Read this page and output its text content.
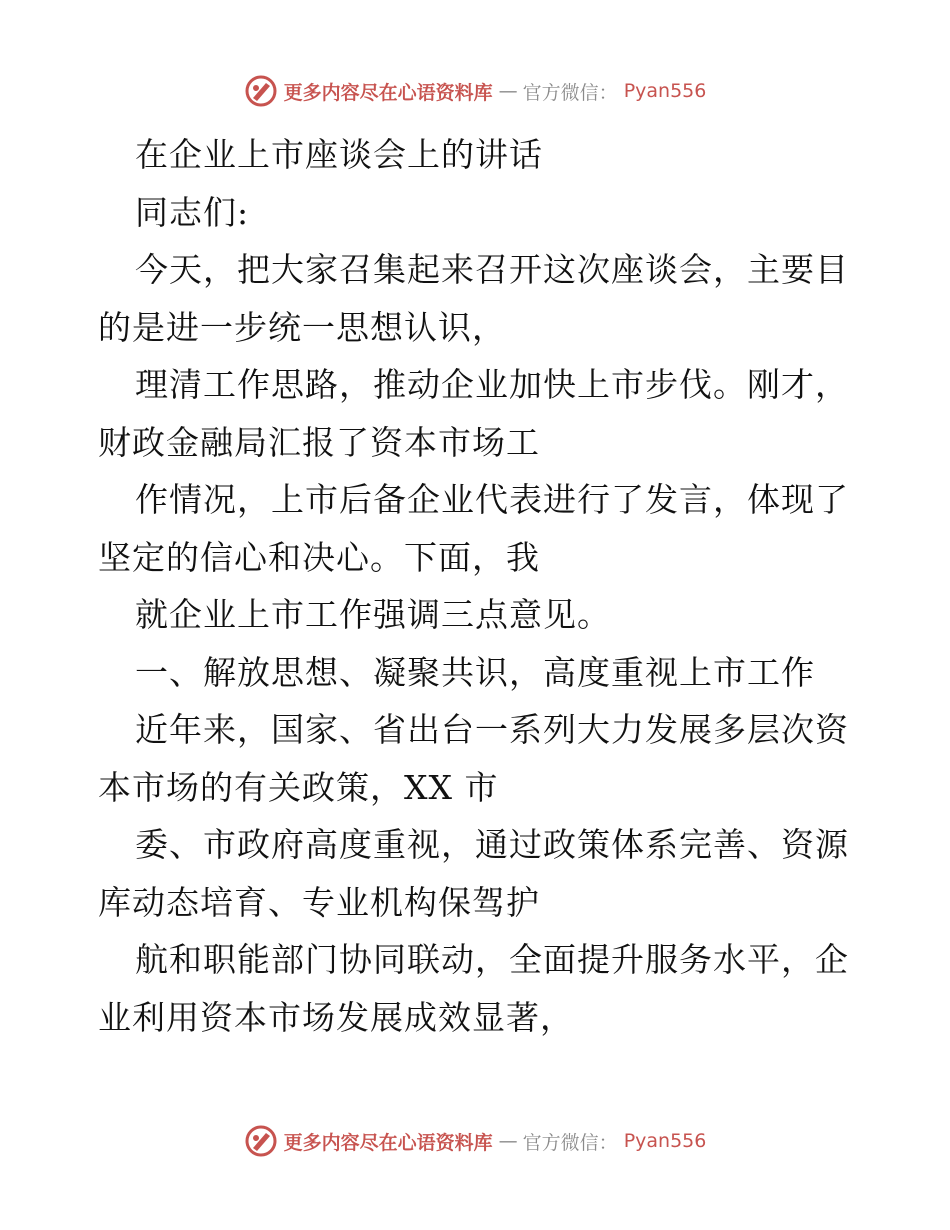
更多内容尽在心语资料库 — 官方微信： Pyan556
在企业上市座谈会上的讲话
同志们:
今天，把大家召集起来召开这次座谈会，主要目
的是进一步统一思想认识，
理清工作思路，推动企业加快上市步伐。刚才，
财政金融局汇报了资本市场工
作情况，上市后备企业代表进行了发言，体现了
坚定的信心和决心。下面，我
就企业上市工作强调三点意见。
一、解放思想、凝聚共识，高度重视上市工作
近年来，国家、省出台一系列大力发展多层次资
本市场的有关政策，XX 市
委、市政府高度重视，通过政策体系完善、资源
库动态培育、专业机构保驾护
航和职能部门协同联动，全面提升服务水平，企
业利用资本市场发展成效显著，
更多内容尽在心语资料库 — 官方微信： Pyan556
